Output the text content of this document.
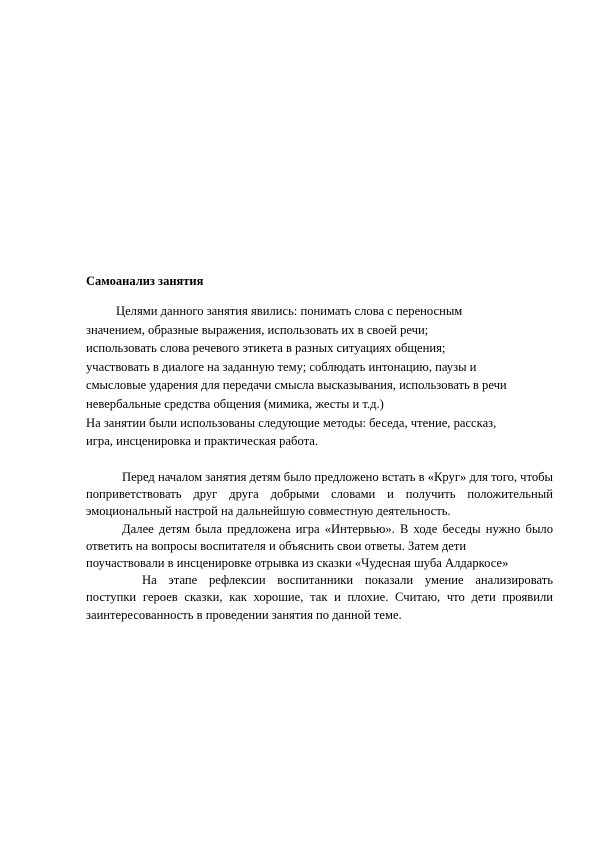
Самоанализ занятия
Целями данного занятия явились: понимать слова с переносным
значением, образные выражения, использовать их в своей речи;
использовать слова речевого этикета в разных ситуациях общения;
участвовать в диалоге на заданную тему; соблюдать интонацию, паузы и
смысловые ударения для передачи смысла высказывания, использовать в речи
невербальные средства общения (мимика, жесты и т.д.)
На занятии были использованы следующие методы: беседа, чтение, рассказ,
игра, инсценировка и практическая работа.

Перед началом занятия детям было предложено встать в «Круг» для того, чтобы поприветствовать друг друга добрыми словами и получить положительный эмоциональный настрой на дальнейшую совместную деятельность.

Далее детям была предложена игра «Интервью». В ходе беседы нужно было ответить на вопросы воспитателя и объяснить свои ответы. Затем дети

поучаствовали в инсценировке отрывка из сказки «Чудесная шуба Алдаркосе»

На этапе рефлексии воспитанники показали умение анализировать поступки героев сказки, как хорошие, так и плохие. Считаю, что дети проявили заинтересованность в проведении занятия по данной теме.
